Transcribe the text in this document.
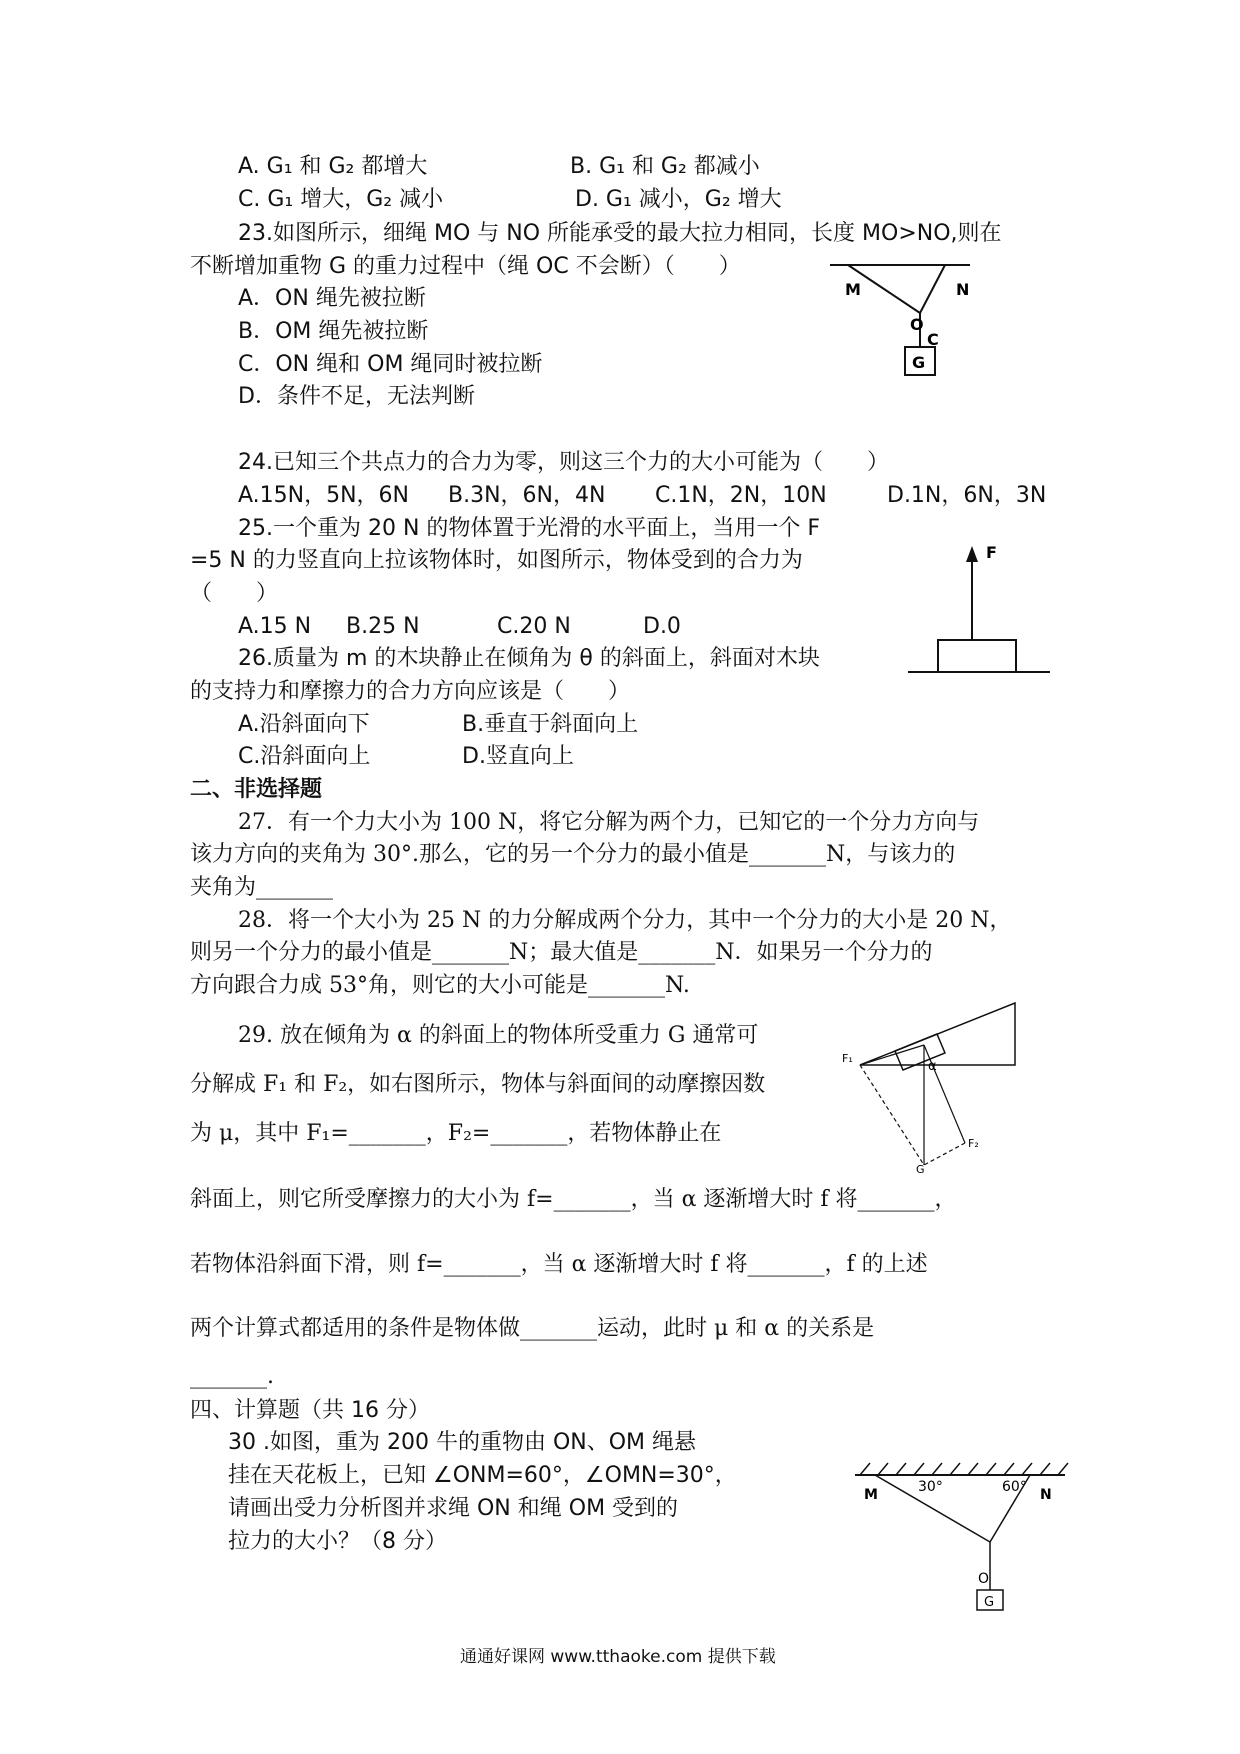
A. G₁ 和 G₂ 都增大	B. G₁ 和 G₂ 都减小
C. G₁ 增大，G₂ 减小	D. G₁ 减小，G₂ 增大
23.如图所示，细绳 MO 与 NO 所能承受的最大拉力相同，长度 MO>NO,则在
不断增加重物 G 的重力过程中（绳 OC 不会断）（　　）
A．ON 绳先被拉断
B．OM 绳先被拉断
C．ON 绳和 OM 绳同时被拉断
D．条件不足，无法判断
M	N
O
C
G
24.已知三个共点力的合力为零，则这三个力的大小可能为（　　）
A.15N，5N，6N B.3N，6N，4N C.1N，2N，10N	D.1N，6N，3N
25.一个重为 20 N 的物体置于光滑的水平面上，当用一个 F
=5 N 的力竖直向上拉该物体时，如图所示，物体受到的合力为
（　　）
A.15 N B.25 N	C.20 N	D.0
F
26.质量为 m 的木块静止在倾角为 θ 的斜面上，斜面对木块
的支持力和摩擦力的合力方向应该是（　　）
A.沿斜面向下	B.垂直于斜面向上
C.沿斜面向上	D.竖直向上
二、非选择题
27．有一个力大小为 100 N，将它分解为两个力，已知它的一个分力方向与
该力方向的夹角为 30°.那么，它的另一个分力的最小值是_______N，与该力的
夹角为_______
28．将一个大小为 25 N 的力分解成两个分力，其中一个分力的大小是 20 N，
则另一个分力的最小值是_______N；最大值是_______N．如果另一个分力的
方向跟合力成 53°角，则它的大小可能是_______N.
29. 放在倾角为 α 的斜面上的物体所受重力 G 通常可
分解成 F₁ 和 F₂，如右图所示，物体与斜面间的动摩擦因数
为 μ，其中 F₁=_______，F₂=_______，若物体静止在
斜面上，则它所受摩擦力的大小为 f=_______，当 α 逐渐增大时 f 将_______，
若物体沿斜面下滑，则 f=_______，当 α 逐渐增大时 f 将_______，f 的上述
两个计算式都适用的条件是物体做_______运动，此时 μ 和 α 的关系是
_______.
α
F₁
F₂
G
四、计算题（共 16 分）
30 .如图，重为 200 牛的重物由 ON、OM 绳悬
挂在天花板上，已知 ∠ONM=60°，∠OMN=30°，
请画出受力分析图并求绳 ON 和绳 OM 受到的
拉力的大小？（8 分）
30°	60°
M	N
O
G
通通好课网 www.tthaoke.com 提供下载
